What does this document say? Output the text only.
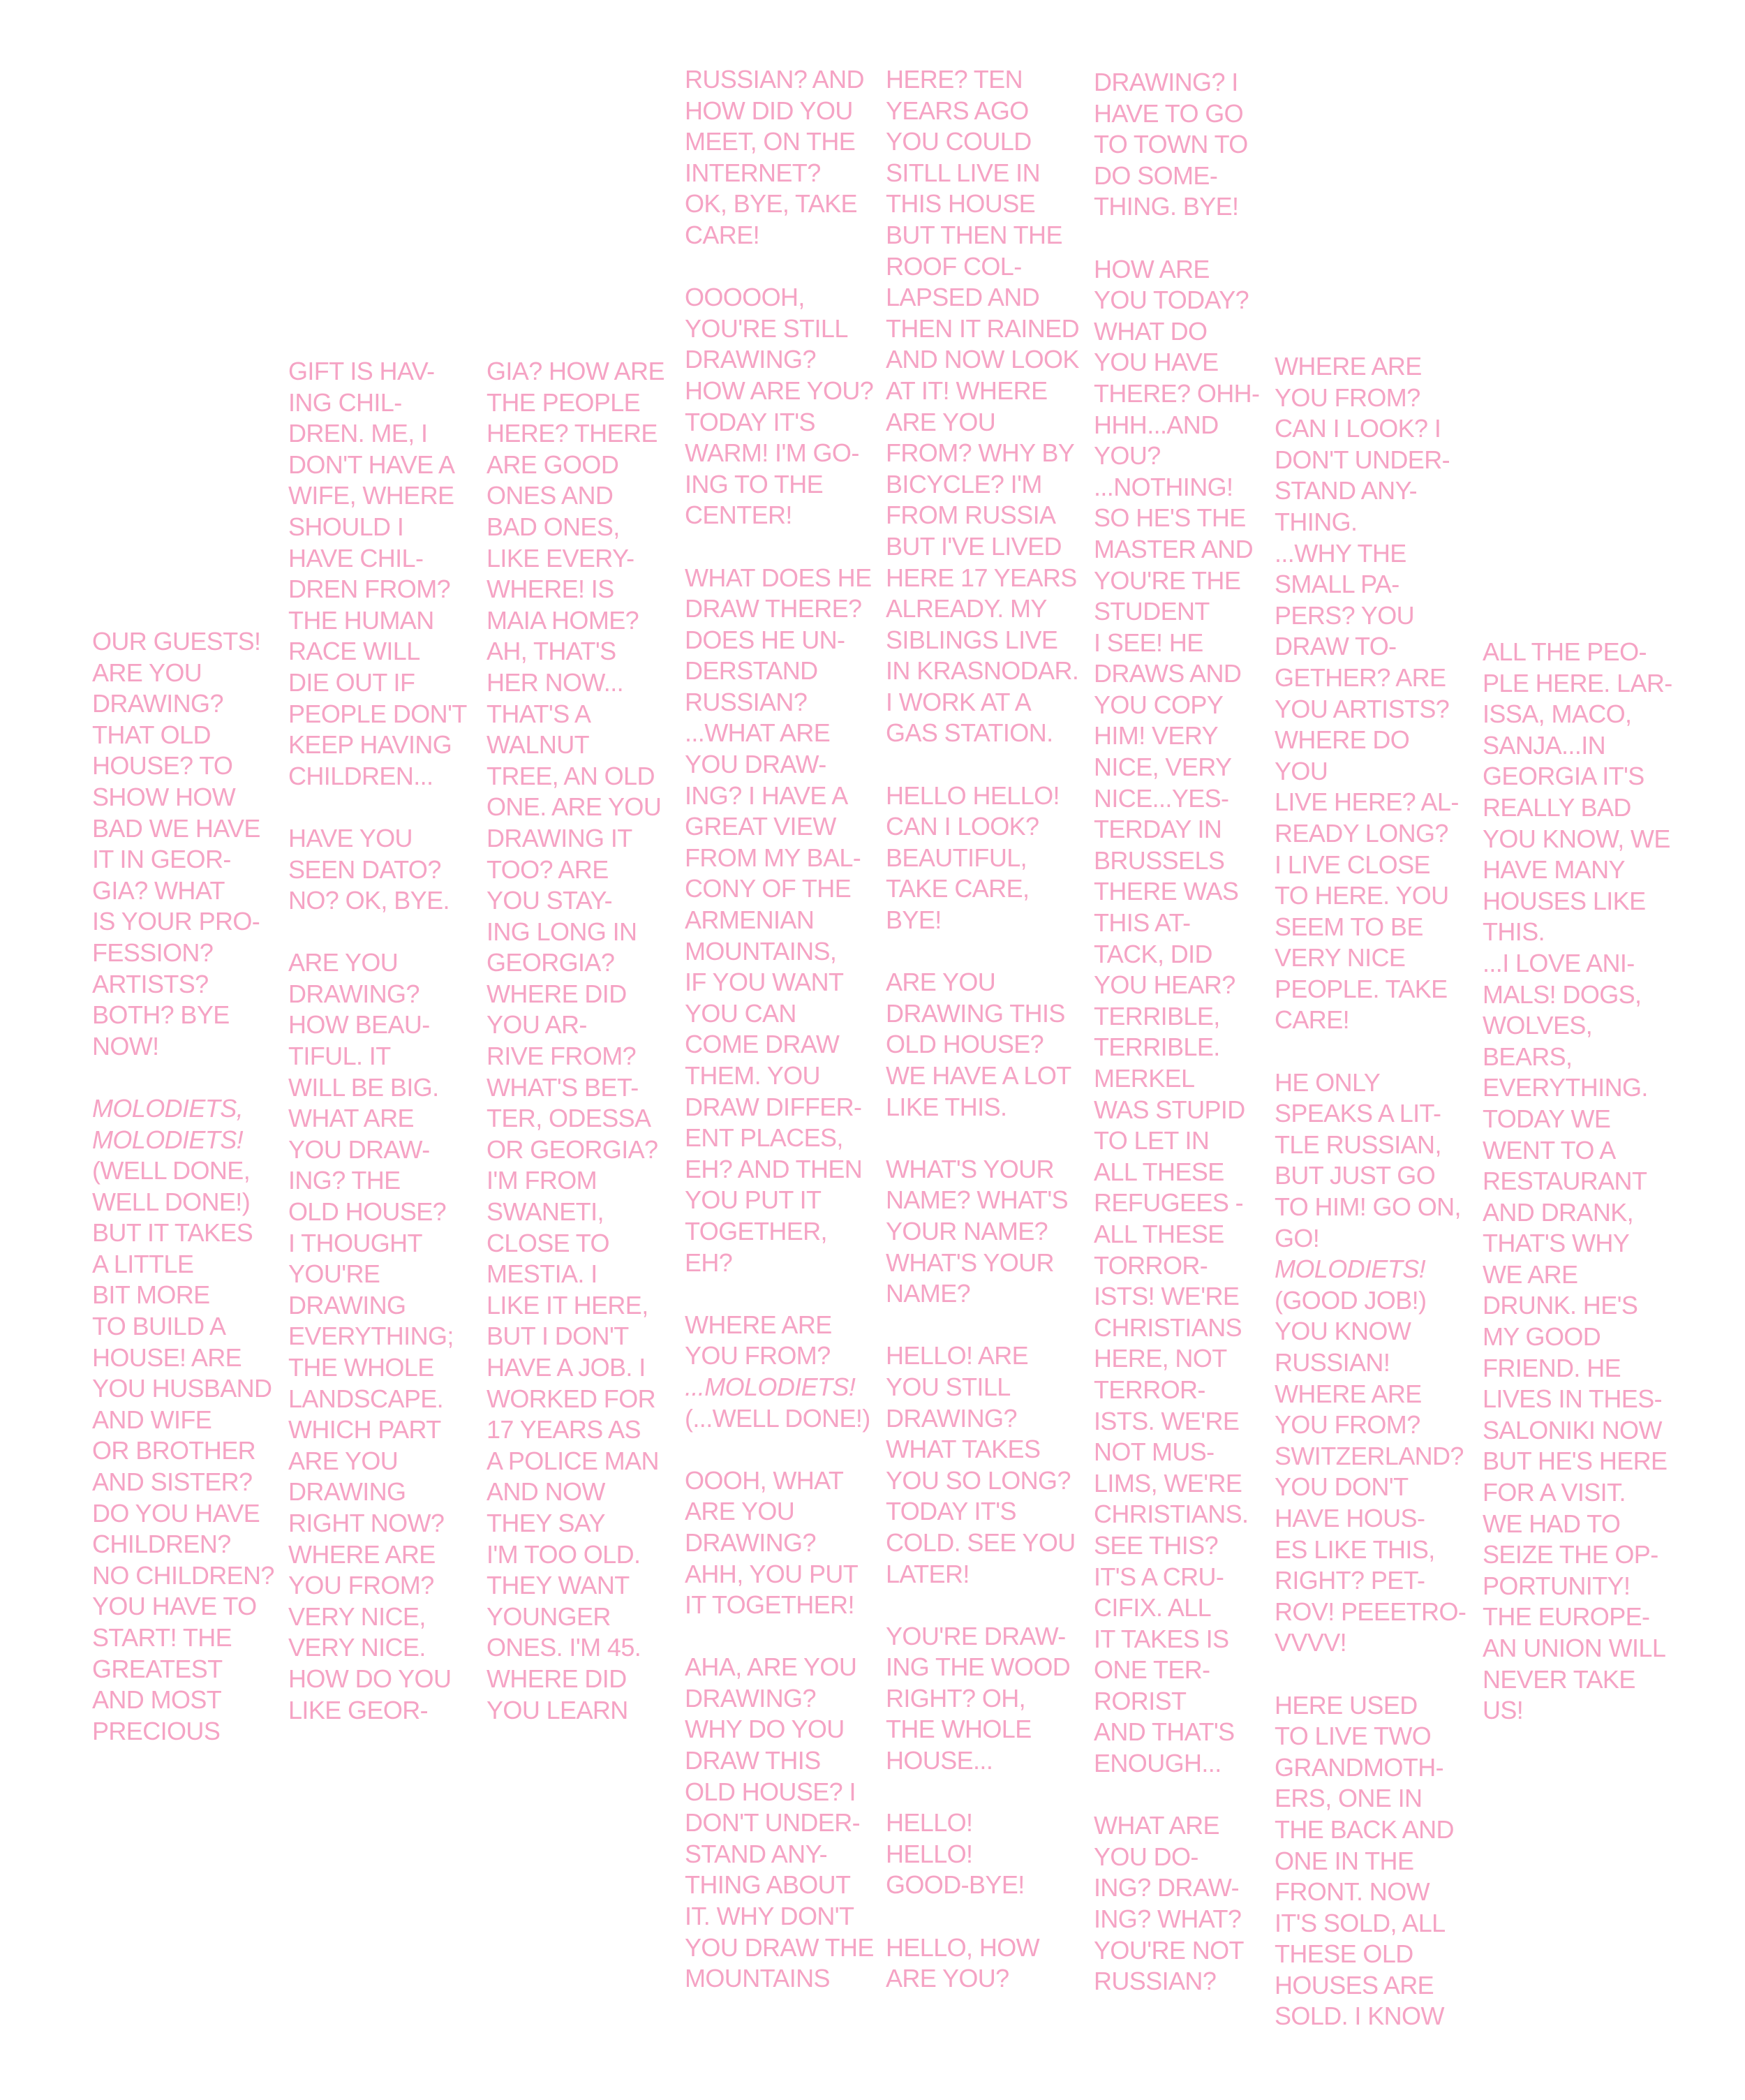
OUR GUESTS!
ARE YOU
DRAWING?
THAT OLD
HOUSE? TO
SHOW HOW
BAD WE HAVE
IT IN GEOR-
GIA? WHAT
IS YOUR PRO-
FESSION?
ARTISTS?
BOTH? BYE
NOW!

MOLODIETS,
MOLODIETS!
(WELL DONE,
WELL DONE!)
BUT IT TAKES
A LITTLE
BIT MORE
TO BUILD A
HOUSE! ARE
YOU HUSBAND
AND WIFE
OR BROTHER
AND SISTER?
DO YOU HAVE
CHILDREN?
NO CHILDREN?
YOU HAVE TO
START! THE
GREATEST
AND MOST
PRECIOUS
GIFT IS HAV-
ING CHIL-
DREN. ME, I
DON'T HAVE A
WIFE, WHERE
SHOULD I
HAVE CHIL-
DREN FROM?
THE HUMAN
RACE WILL
DIE OUT IF
PEOPLE DON'T
KEEP HAVING
CHILDREN...

HAVE YOU
SEEN DATO?
NO? OK, BYE.

ARE YOU
DRAWING?
HOW BEAU-
TIFUL. IT
WILL BE BIG.
WHAT ARE
YOU DRAW-
ING? THE
OLD HOUSE?
I THOUGHT
YOU'RE
DRAWING
EVERYTHING;
THE WHOLE
LANDSCAPE.
WHICH PART
ARE YOU
DRAWING
RIGHT NOW?
WHERE ARE
YOU FROM?
VERY NICE,
VERY NICE.
HOW DO YOU
LIKE GEOR-
GIA? HOW ARE
THE PEOPLE
HERE? THERE
ARE GOOD
ONES AND
BAD ONES,
LIKE EVERY-
WHERE! IS
MAIA HOME?
AH, THAT'S
HER NOW...
THAT'S A
WALNUT
TREE, AN OLD
ONE. ARE YOU
DRAWING IT
TOO? ARE
YOU STAY-
ING LONG IN
GEORGIA?
WHERE DID
YOU AR-
RIVE FROM?
WHAT'S BET-
TER, ODESSA
OR GEORGIA?
I'M FROM
SWANETI,
CLOSE TO
MESTIA. I
LIKE IT HERE,
BUT I DON'T
HAVE A JOB. I
WORKED FOR
17 YEARS AS
A POLICE MAN
AND NOW
THEY SAY
I'M TOO OLD.
THEY WANT
YOUNGER
ONES. I'M 45.
WHERE DID
YOU LEARN
RUSSIAN? AND
HOW DID YOU
MEET, ON THE
INTERNET?
OK, BYE, TAKE
CARE!

OOOOOH,
YOU'RE STILL
DRAWING?
HOW ARE YOU?
TODAY IT'S
WARM! I'M GO-
ING TO THE
CENTER!

WHAT DOES HE
DRAW THERE?
DOES HE UN-
DERSTAND
RUSSIAN?
...WHAT ARE
YOU DRAW-
ING? I HAVE A
GREAT VIEW
FROM MY BAL-
CONY OF THE
ARMENIAN
MOUNTAINS,
IF YOU WANT
YOU CAN
COME DRAW
THEM. YOU
DRAW DIFFER-
ENT PLACES,
EH? AND THEN
YOU PUT IT
TOGETHER,
EH?

WHERE ARE
YOU FROM?
...MOLODIETS!
(...WELL DONE!)

OOOH, WHAT
ARE YOU
DRAWING?
AHH, YOU PUT
IT TOGETHER!

AHA, ARE YOU
DRAWING?
WHY DO YOU
DRAW THIS
OLD HOUSE? I
DON'T UNDER-
STAND ANY-
THING ABOUT
IT. WHY DON'T
YOU DRAW THE
MOUNTAINS
HERE? TEN
YEARS AGO
YOU COULD
SITLL LIVE IN
THIS HOUSE
BUT THEN THE
ROOF COL-
LAPSED AND
THEN IT RAINED
AND NOW LOOK
AT IT! WHERE
ARE YOU
FROM? WHY BY
BICYCLE? I'M
FROM RUSSIA
BUT I'VE LIVED
HERE 17 YEARS
ALREADY. MY
SIBLINGS LIVE
IN KRASNODAR.
I WORK AT A
GAS STATION.

HELLO HELLO!
CAN I LOOK?
BEAUTIFUL,
TAKE CARE,
BYE!

ARE YOU
DRAWING THIS
OLD HOUSE?
WE HAVE A LOT
LIKE THIS.

WHAT'S YOUR
NAME? WHAT'S
YOUR NAME?
WHAT'S YOUR
NAME?

HELLO! ARE
YOU STILL
DRAWING?
WHAT TAKES
YOU SO LONG?
TODAY IT'S
COLD. SEE YOU
LATER!

YOU'RE DRAW-
ING THE WOOD
RIGHT? OH,
THE WHOLE
HOUSE...

HELLO!
HELLO!
GOOD-BYE!

HELLO, HOW
ARE YOU?
DRAWING? I
HAVE TO GO
TO TOWN TO
DO SOME-
THING. BYE!

HOW ARE
YOU TODAY?
WHAT DO
YOU HAVE
THERE? OHH-
HHH...AND
YOU?
...NOTHING!
SO HE'S THE
MASTER AND
YOU'RE THE
STUDENT
I SEE! HE
DRAWS AND
YOU COPY
HIM! VERY
NICE, VERY
NICE...YES-
TERDAY IN
BRUSSELS
THERE WAS
THIS AT-
TACK, DID
YOU HEAR?
TERRIBLE,
TERRIBLE.
MERKEL
WAS STUPID
TO LET IN
ALL THESE
REFUGEES -
ALL THESE
TORROR-
ISTS! WE'RE
CHRISTIANS
HERE, NOT
TERROR-
ISTS. WE'RE
NOT MUS-
LIMS, WE'RE
CHRISTIANS.
SEE THIS?
IT'S A CRU-
CIFIX. ALL
IT TAKES IS
ONE TER-
RORIST
AND THAT'S
ENOUGH...

WHAT ARE
YOU DO-
ING? DRAW-
ING? WHAT?
YOU'RE NOT
RUSSIAN?
WHERE ARE
YOU FROM?
CAN I LOOK? I
DON'T UNDER-
STAND ANY-
THING.
...WHY THE
SMALL PA-
PERS? YOU
DRAW TO-
GETHER? ARE
YOU ARTISTS?
WHERE DO YOU
LIVE HERE? AL-
READY LONG?
I LIVE CLOSE
TO HERE. YOU
SEEM TO BE
VERY NICE
PEOPLE. TAKE
CARE!

HE ONLY
SPEAKS A LIT-
TLE RUSSIAN,
BUT JUST GO
TO HIM! GO ON,
GO!
MOLODIETS!
(GOOD JOB!)
YOU KNOW
RUSSIAN!
WHERE ARE
YOU FROM?
SWITZERLAND?
YOU DON'T
HAVE HOUS-
ES LIKE THIS,
RIGHT? PET-
ROV! PEEETRO-
VVVV!

HERE USED
TO LIVE TWO
GRANDMOTH-
ERS, ONE IN
THE BACK AND
ONE IN THE
FRONT. NOW
IT'S SOLD, ALL
THESE OLD
HOUSES ARE
SOLD. I KNOW
ALL THE PEO-
PLE HERE. LAR-
ISSA, MACO,
SANJA...IN
GEORGIA IT'S
REALLY BAD
YOU KNOW, WE
HAVE MANY
HOUSES LIKE
THIS.
...I LOVE ANI-
MALS! DOGS,
WOLVES,
BEARS,
EVERYTHING.
TODAY WE
WENT TO A
RESTAURANT
AND DRANK,
THAT'S WHY
WE ARE
DRUNK. HE'S
MY GOOD
FRIEND. HE
LIVES IN THES-
SALONIKI NOW
BUT HE'S HERE
FOR A VISIT.
WE HAD TO
SEIZE THE OP-
PORTUNITY!
THE EUROPE-
AN UNION WILL
NEVER TAKE
US!
